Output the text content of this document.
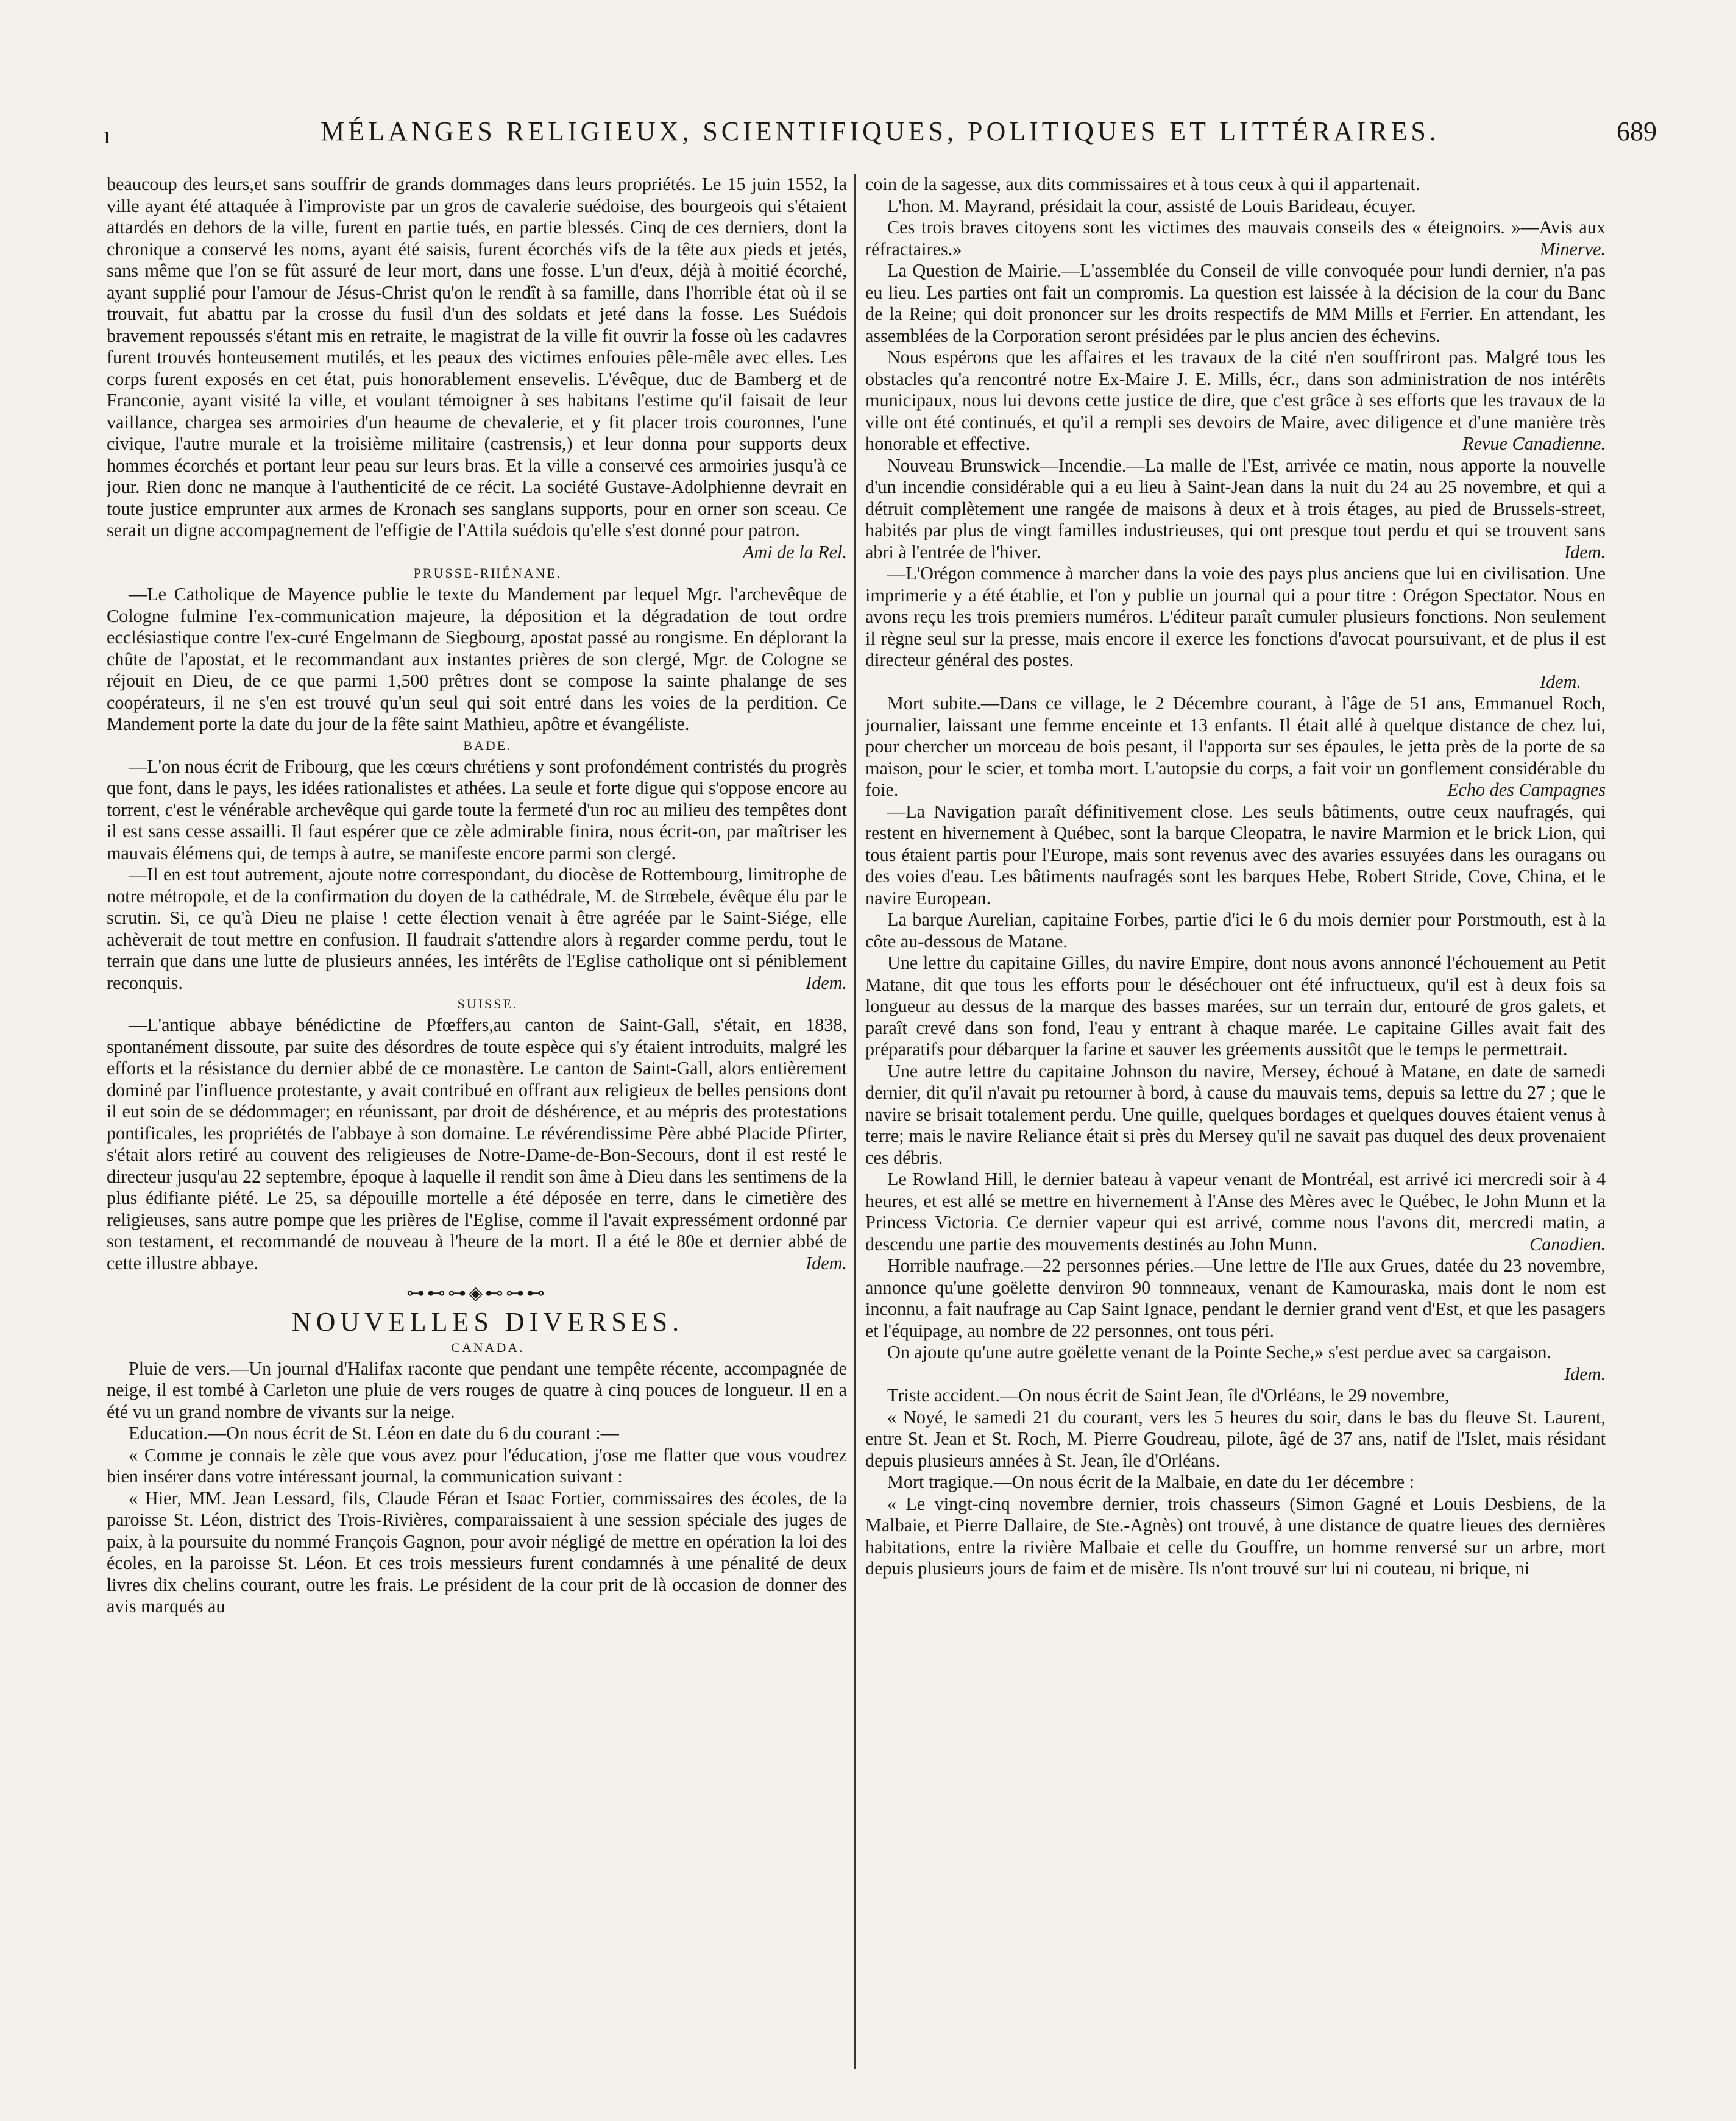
ı	MÉLANGES RELIGIEUX, SCIENTIFIQUES, POLITIQUES ET LITTÉRAIRES.	689

beaucoup des leurs,et sans souffrir de grands dommages dans leurs propriétés. Le 15 juin 1552, la ville ayant été attaquée à l'improviste par un gros de cavalerie suédoise, des bourgeois qui s'étaient attardés en dehors de la ville, furent en partie tués, en partie blessés. Cinq de ces derniers, dont la chronique a conservé les noms, ayant été saisis, furent écorchés vifs de la tête aux pieds et jetés, sans même que l'on se fût assuré de leur mort, dans une fosse. L'un d'eux, déjà à moitié écorché, ayant supplié pour l'amour de Jésus-Christ qu'on le rendît à sa famille, dans l'horrible état où il se trouvait, fut abattu par la crosse du fusil d'un des soldats et jeté dans la fosse. Les Suédois bravement repoussés s'étant mis en retraite, le magistrat de la ville fit ouvrir la fosse où les cadavres furent trouvés honteusement mutilés, et les peaux des victimes enfouies pêle-mêle avec elles. Les corps furent exposés en cet état, puis honorablement ensevelis. L'évêque, duc de Bamberg et de Franconie, ayant visité la ville, et voulant témoigner à ses habitans l'estime qu'il faisait de leur vaillance, chargea ses armoiries d'un heaume de chevalerie, et y fit placer trois couronnes, l'une civique, l'autre murale et la troisième militaire (castrensis,) et leur donna pour supports deux hommes écorchés et portant leur peau sur leurs bras. Et la ville a conservé ces armoiries jusqu'à ce jour. Rien donc ne manque à l'authenticité de ce récit. La société Gustave-Adolphienne devrait en toute justice emprunter aux armes de Kronach ses sanglans supports, pour en orner son sceau. Ce serait un digne accompagnement de l'effigie de l'Attila suédois qu'elle s'est donné pour patron.
Ami de la Rel.

PRUSSE-RHÉNANE.

—Le Catholique de Mayence publie le texte du Mandement par lequel Mgr. l'archevêque de Cologne fulmine l'ex-communication majeure, la déposition et la dégradation de tout ordre ecclésiastique contre l'ex-curé Engelmann de Siegbourg, apostat passé au rongisme. En déplorant la chûte de l'apostat, et le recommandant aux instantes prières de son clergé, Mgr. de Cologne se réjouit en Dieu, de ce que parmi 1,500 prêtres dont se compose la sainte phalange de ses coopérateurs, il ne s'en est trouvé qu'un seul qui soit entré dans les voies de la perdition. Ce Mandement porte la date du jour de la fête saint Mathieu, apôtre et évangéliste.

BADE.

—L'on nous écrit de Fribourg, que les cœurs chrétiens y sont profondément contristés du progrès que font, dans le pays, les idées rationalistes et athées. La seule et forte digue qui s'oppose encore au torrent, c'est le vénérable archevêque qui garde toute la fermeté d'un roc au milieu des tempêtes dont il est sans cesse assailli. Il faut espérer que ce zèle admirable finira, nous écrit-on, par maîtriser les mauvais élémens qui, de temps à autre, se manifeste encore parmi son clergé.

—Il en est tout autrement, ajoute notre correspondant, du diocèse de Rottembourg, limitrophe de notre métropole, et de la confirmation du doyen de la cathédrale, M. de Strœbele, évêque élu par le scrutin. Si, ce qu'à Dieu ne plaise ! cette élection venait à être agréée par le Saint-Siége, elle achèverait de tout mettre en confusion. Il faudrait s'attendre alors à regarder comme perdu, tout le terrain que dans une lutte de plusieurs années, les intérêts de l'Eglise catholique ont si péniblement reconquis.	Idem.

SUISSE.

—L'antique abbaye bénédictine de Pfœffers,au canton de Saint-Gall, s'était, en 1838, spontanément dissoute, par suite des désordres de toute espèce qui s'y étaient introduits, malgré les efforts et la résistance du dernier abbé de ce monastère. Le canton de Saint-Gall, alors entièrement dominé par l'influence protestante, y avait contribué en offrant aux religieux de belles pensions dont il eut soin de se dédommager; en réunissant, par droit de déshérence, et au mépris des protestations pontificales, les propriétés de l'abbaye à son domaine. Le révérendissime Père abbé Placide Pfirter, s'était alors retiré au couvent des religieuses de Notre-Dame-de-Bon-Secours, dont il est resté le directeur jusqu'au 22 septembre, époque à laquelle il rendit son âme à Dieu dans les sentimens de la plus édifiante piété. Le 25, sa dépouille mortelle a été déposée en terre, dans le cimetière des religieuses, sans autre pompe que les prières de l'Eglise, comme il l'avait expressément ordonné par son testament, et recommandé de nouveau à l'heure de la mort. Il a été le 80e et dernier abbé de cette illustre abbaye.	Idem.

⊶⊷⊶◈⊷⊶⊷

NOUVELLES DIVERSES.

CANADA.

Pluie de vers.—Un journal d'Halifax raconte que pendant une tempête récente, accompagnée de neige, il est tombé à Carleton une pluie de vers rouges de quatre à cinq pouces de longueur. Il en a été vu un grand nombre de vivants sur la neige.

Education.—On nous écrit de St. Léon en date du 6 du courant :—

« Comme je connais le zèle que vous avez pour l'éducation, j'ose me flatter que vous voudrez bien insérer dans votre intéressant journal, la communication suivant :

« Hier, MM. Jean Lessard, fils, Claude Féran et Isaac Fortier, commissaires des écoles, de la paroisse St. Léon, district des Trois-Rivières, comparaissaient à une session spéciale des juges de paix, à la poursuite du nommé François Gagnon, pour avoir négligé de mettre en opération la loi des écoles, en la paroisse St. Léon. Et ces trois messieurs furent condamnés à une pénalité de deux livres dix chelins courant, outre les frais. Le président de la cour prit de là occasion de donner des avis marqués au

coin de la sagesse, aux dits commissaires et à tous ceux à qui il appartenait.

L'hon. M. Mayrand, présidait la cour, assisté de Louis Barideau, écuyer.

Ces trois braves citoyens sont les victimes des mauvais conseils des « éteignoirs. »—Avis aux réfractaires.»	Minerve.

La Question de Mairie.—L'assemblée du Conseil de ville convoquée pour lundi dernier, n'a pas eu lieu. Les parties ont fait un compromis. La question est laissée à la décision de la cour du Banc de la Reine; qui doit prononcer sur les droits respectifs de MM Mills et Ferrier. En attendant, les assemblées de la Corporation seront présidées par le plus ancien des échevins.

Nous espérons que les affaires et les travaux de la cité n'en souffriront pas. Malgré tous les obstacles qu'a rencontré notre Ex-Maire J. E. Mills, écr., dans son administration de nos intérêts municipaux, nous lui devons cette justice de dire, que c'est grâce à ses efforts que les travaux de la ville ont été continués, et qu'il a rempli ses devoirs de Maire, avec diligence et d'une manière très honorable et effective.	Revue Canadienne.

Nouveau Brunswick—Incendie.—La malle de l'Est, arrivée ce matin, nous apporte la nouvelle d'un incendie considérable qui a eu lieu à Saint-Jean dans la nuit du 24 au 25 novembre, et qui a détruit complètement une rangée de maisons à deux et à trois étages, au pied de Brussels-street, habités par plus de vingt familles industrieuses, qui ont presque tout perdu et qui se trouvent sans abri à l'entrée de l'hiver.	Idem.

—L'Orégon commence à marcher dans la voie des pays plus anciens que lui en civilisation. Une imprimerie y a été établie, et l'on y publie un journal qui a pour titre : Orégon Spectator. Nous en avons reçu les trois premiers numéros. L'éditeur paraît cumuler plusieurs fonctions. Non seulement il règne seul sur la presse, mais encore il exerce les fonctions d'avocat poursuivant, et de plus il est directeur général des postes.

Idem.

Mort subite.—Dans ce village, le 2 Décembre courant, à l'âge de 51 ans, Emmanuel Roch, journalier, laissant une femme enceinte et 13 enfants. Il était allé à quelque distance de chez lui, pour chercher un morceau de bois pesant, il l'apporta sur ses épaules, le jetta près de la porte de sa maison, pour le scier, et tomba mort. L'autopsie du corps, a fait voir un gonflement considérable du foie.	Echo des Campagnes

—La Navigation paraît définitivement close. Les seuls bâtiments, outre ceux naufragés, qui restent en hivernement à Québec, sont la barque Cleopatra, le navire Marmion et le brick Lion, qui tous étaient partis pour l'Europe, mais sont revenus avec des avaries essuyées dans les ouragans ou des voies d'eau. Les bâtiments naufragés sont les barques Hebe, Robert Stride, Cove, China, et le navire European.

La barque Aurelian, capitaine Forbes, partie d'ici le 6 du mois dernier pour Porstmouth, est à la côte au-dessous de Matane.

Une lettre du capitaine Gilles, du navire Empire, dont nous avons annoncé l'échouement au Petit Matane, dit que tous les efforts pour le déséchouer ont été infructueux, qu'il est à deux fois sa longueur au dessus de la marque des basses marées, sur un terrain dur, entouré de gros galets, et paraît crevé dans son fond, l'eau y entrant à chaque marée. Le capitaine Gilles avait fait des préparatifs pour débarquer la farine et sauver les gréements aussitôt que le temps le permettrait.

Une autre lettre du capitaine Johnson du navire, Mersey, échoué à Matane, en date de samedi dernier, dit qu'il n'avait pu retourner à bord, à cause du mauvais tems, depuis sa lettre du 27 ; que le navire se brisait totalement perdu. Une quille, quelques bordages et quelques douves étaient venus à terre; mais le navire Reliance était si près du Mersey qu'il ne savait pas duquel des deux provenaient ces débris.

Le Rowland Hill, le dernier bateau à vapeur venant de Montréal, est arrivé ici mercredi soir à 4 heures, et est allé se mettre en hivernement à l'Anse des Mères avec le Québec, le John Munn et la Princess Victoria. Ce dernier vapeur qui est arrivé, comme nous l'avons dit, mercredi matin, a descendu une partie des mouvements destinés au John Munn.	Canadien.

Horrible naufrage.—22 personnes péries.—Une lettre de l'Ile aux Grues, datée du 23 novembre, annonce qu'une goëlette denviron 90 tonnneaux, venant de Kamouraska, mais dont le nom est inconnu, a fait naufrage au Cap Saint Ignace, pendant le dernier grand vent d'Est, et que les pasagers et l'équipage, au nombre de 22 personnes, ont tous péri.

On ajoute qu'une autre goëlette venant de la Pointe Seche,» s'est perdue avec sa cargaison.
Idem.

Triste accident.—On nous écrit de Saint Jean, île d'Orléans, le 29 novembre,

« Noyé, le samedi 21 du courant, vers les 5 heures du soir, dans le bas du fleuve St. Laurent, entre St. Jean et St. Roch, M. Pierre Goudreau, pilote, âgé de 37 ans, natif de l'Islet, mais résidant depuis plusieurs années à St. Jean, île d'Orléans.

Mort tragique.—On nous écrit de la Malbaie, en date du 1er décembre :

« Le vingt-cinq novembre dernier, trois chasseurs (Simon Gagné et Louis Desbiens, de la Malbaie, et Pierre Dallaire, de Ste.-Agnès) ont trouvé, à une distance de quatre lieues des dernières habitations, entre la rivière Malbaie et celle du Gouffre, un homme renversé sur un arbre, mort depuis plusieurs jours de faim et de misère. Ils n'ont trouvé sur lui ni couteau, ni brique, ni
